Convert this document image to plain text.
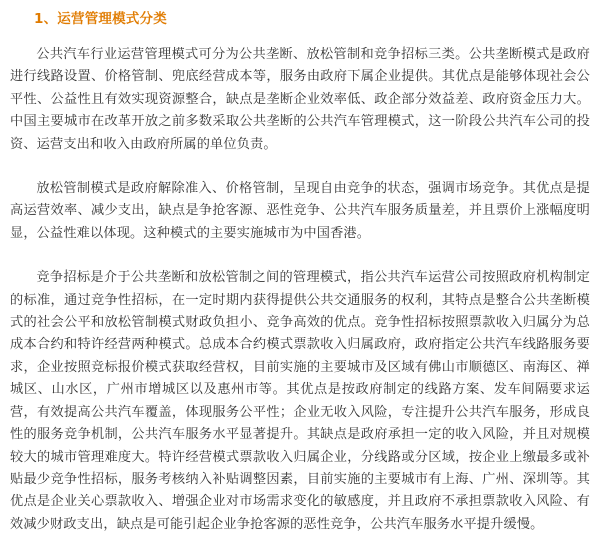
1、运营管理模式分类

公共汽车行业运营管理模式可分为公共垄断、放松管制和竞争招标三类。公共垄断模式是政府进行线路设置、价格管制、兜底经营成本等，服务由政府下属企业提供。其优点是能够体现社会公平性、公益性且有效实现资源整合，缺点是垄断企业效率低、政企部分效益差、政府资金压力大。中国主要城市在改革开放之前多数采取公共垄断的公共汽车管理模式，这一阶段公共汽车公司的投资、运营支出和收入由政府所属的单位负责。

放松管制模式是政府解除准入、价格管制，呈现自由竞争的状态，强调市场竞争。其优点是提高运营效率、减少支出，缺点是争抢客源、恶性竞争、公共汽车服务质量差，并且票价上涨幅度明显，公益性难以体现。这种模式的主要实施城市为中国香港。

竞争招标是介于公共垄断和放松管制之间的管理模式，指公共汽车运营公司按照政府机构制定的标准，通过竞争性招标，在一定时期内获得提供公共交通服务的权利，其特点是整合公共垄断模式的社会公平和放松管制模式财政负担小、竞争高效的优点。竞争性招标按照票款收入归属分为总成本合约和特许经营两种模式。总成本合约模式票款收入归属政府，政府指定公共汽车线路服务要求，企业按照竞标报价模式获取经营权，目前实施的主要城市及区域有佛山市顺德区、南海区、禅城区、山水区，广州市增城区以及惠州市等。其优点是按政府制定的线路方案、发车间隔要求运营，有效提高公共汽车覆盖，体现服务公平性；企业无收入风险，专注提升公共汽车服务，形成良性的服务竞争机制，公共汽车服务水平显著提升。其缺点是政府承担一定的收入风险，并且对规模较大的城市管理难度大。特许经营模式票款收入归属企业，分线路或分区域，按企业上缴最多或补贴最少竞争性招标，服务考核纳入补贴调整因素，目前实施的主要城市有上海、广州、深圳等。其优点是企业关心票款收入、增强企业对市场需求变化的敏感度，并且政府不承担票款收入风险、有效减少财政支出，缺点是可能引起企业争抢客源的恶性竞争，公共汽车服务水平提升缓慢。
